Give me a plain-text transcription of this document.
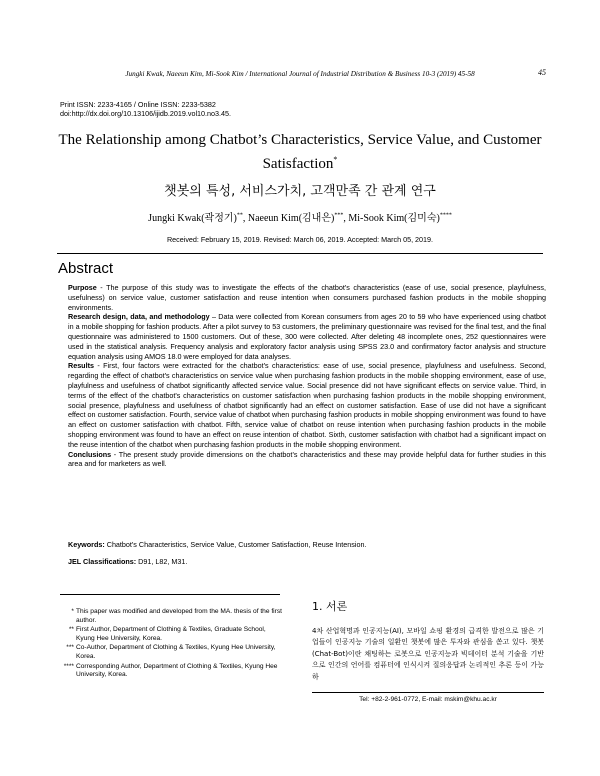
Jungki Kwak, Naeeun Kim, Mi-Sook Kim / International Journal of Industrial Distribution & Business 10-3 (2019) 45-58	45
Print ISSN: 2233-4165 / Online ISSN: 2233-5382
doi:http://dx.doi.org/10.13106/ijidb.2019.vol10.no3.45.
The Relationship among Chatbot’s Characteristics, Service Value, and Customer Satisfaction*
챗봇의 특성, 서비스가치, 고객만족 간 관계 연구
Jungki Kwak(곽정기)**, Naeeun Kim(김내은)***, Mi-Sook Kim(김미숙)****
Received: February 15, 2019. Revised: March 06, 2019. Accepted: March 05, 2019.
Abstract

Purpose - The purpose of this study was to investigate the effects of the chatbot's characteristics (ease of use, social presence, playfulness, usefulness) on service value, customer satisfaction and reuse intention when consumers purchased fashion products in the mobile shopping environments.

Research design, data, and methodology – Data were collected from Korean consumers from ages 20 to 59 who have experienced using chatbot in a mobile shopping for fashion products. After a pilot survey to 53 customers, the preliminary questionnaire was revised for the final test, and the final questionnaire was administered to 1500 customers. Out of these, 300 were collected. After deleting 48 incomplete ones, 252 questionnaires were used in the statistical analysis. Frequency analysis and exploratory factor analysis using SPSS 23.0 and confirmatory factor analysis and structure equation analysis using AMOS 18.0 were employed for data analyses.

Results - First, four factors were extracted for the chatbot's characteristics: ease of use, social presence, playfulness and usefulness. Second, regarding the effect of chatbot's characteristics on service value when purchasing fashion products in the mobile shopping environment, ease of use, playfulness and usefulness of chatbot significantly affected service value. Social presence did not have significant effects on service value. Third, in terms of the effect of the chatbot's characteristics on customer satisfaction when purchasing fashion products in the mobile shopping environment, social presence, playfulness and usefulness of chatbot significantly had an effect on customer satisfaction. Ease of use did not have a significant effect on customer satisfaction. Fourth, service value of chatbot when purchasing fashion products in mobile shopping environment was found to have an effect on customer satisfaction with chatbot. Fifth, service value of chatbot on reuse intention when purchasing fashion products in the mobile shopping environment was found to have an effect on reuse intention of chatbot. Sixth, customer satisfaction with chatbot had a significant impact on the reuse intention of the chatbot when purchasing fashion products in the mobile shopping environment.

Conclusions - The present study provide dimensions on the chatbot’s characteristics and these may provide helpful data for further studies in this area and for marketers as well.

Keywords: Chatbot's Characteristics, Service Value, Customer Satisfaction, Reuse Intension.
JEL Classifications: D91, L82, M31.
* This paper was modified and developed from the MA. thesis of the first author.
** First Author, Department of Clothing & Textiles, Graduate School, Kyung Hee University, Korea.
*** Co-Author, Department of Clothing & Textiles, Kyung Hee University, Korea.
**** Corresponding Author, Department of Clothing & Textiles, Kyung Hee University, Korea.
1. 서론
4차 산업혁명과 인공지능(AI), 모바일 쇼핑 환경의 급격한 발전으로 많은 기업들이 인공지능 기술의 일환인 챗봇에 많은 투자와 관심을 쏟고 있다. 챗봇(Chat-Bot)이란 채팅하는 로봇으로 인공지능과 빅데이터 분석 기술을 기반으로 인간의 언어를 컴퓨터에 인식시켜 질의응답과 논리적인 추론 등이 가능하
Tel: +82-2-961-0772, E-mail: mskim@khu.ac.kr
